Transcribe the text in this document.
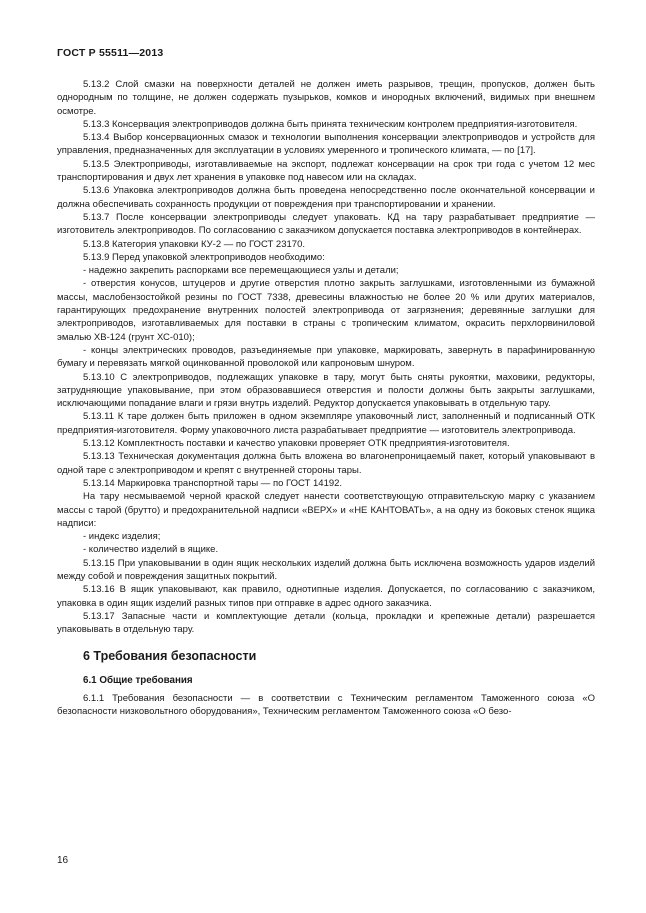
ГОСТ Р 55511—2013

5.13.2 Слой смазки на поверхности деталей не должен иметь разрывов, трещин, пропусков, должен быть однородным по толщине, не должен содержать пузырьков, комков и инородных включений, видимых при внешнем осмотре.

5.13.3 Консервация электроприводов должна быть принята техническим контролем предприятия-изготовителя.

5.13.4 Выбор консервационных смазок и технологии выполнения консервации электроприводов и устройств для управления, предназначенных для эксплуатации в условиях умеренного и тропического климата, — по [17].

5.13.5 Электроприводы, изготавливаемые на экспорт, подлежат консервации на срок три года с учетом 12 мес транспортирования и двух лет хранения в упаковке под навесом или на складах.

5.13.6 Упаковка электроприводов должна быть проведена непосредственно после окончательной консервации и должна обеспечивать сохранность продукции от повреждения при транспортировании и хранении.

5.13.7 После консервации электроприводы следует упаковать. КД на тару разрабатывает предприятие — изготовитель электроприводов. По согласованию с заказчиком допускается поставка электроприводов в контейнерах.

5.13.8 Категория упаковки КУ-2 — по ГОСТ 23170.

5.13.9 Перед упаковкой электроприводов необходимо:

- надежно закрепить распорками все перемещающиеся узлы и детали;

- отверстия конусов, штуцеров и другие отверстия плотно закрыть заглушками, изготовленными из бумажной массы, маслобензостойкой резины по ГОСТ 7338, древесины влажностью не более 20 % или других материалов, гарантирующих предохранение внутренних полостей электропривода от загрязнения; деревянные заглушки для электроприводов, изготавливаемых для поставки в страны с тропическим климатом, окрасить перхлорвиниловой эмалью ХВ-124 (грунт ХС-010);

- концы электрических проводов, разъединяемые при упаковке, маркировать, завернуть в парафинированную бумагу и перевязать мягкой оцинкованной проволокой или капроновым шнуром.

5.13.10 С электроприводов, подлежащих упаковке в тару, могут быть сняты рукоятки, маховики, редукторы, затрудняющие упаковывание, при этом образовавшиеся отверстия и полости должны быть закрыты заглушками, исключающими попадание влаги и грязи внутрь изделий. Редуктор допускается упаковывать в отдельную тару.

5.13.11 К таре должен быть приложен в одном экземпляре упаковочный лист, заполненный и подписанный ОТК предприятия-изготовителя. Форму упаковочного листа разрабатывает предприятие — изготовитель электропривода.

5.13.12 Комплектность поставки и качество упаковки проверяет ОТК предприятия-изготовителя.

5.13.13 Техническая документация должна быть вложена во влагонепроницаемый пакет, который упаковывают в одной таре с электроприводом и крепят с внутренней стороны тары.

5.13.14 Маркировка транспортной тары — по ГОСТ 14192.

На тару несмываемой черной краской следует нанести соответствующую отправительскую марку с указанием массы с тарой (брутто) и предохранительной надписи «ВЕРХ» и «НЕ КАНТОВАТЬ», а на одну из боковых стенок ящика надписи:

- индекс изделия;

- количество изделий в ящике.

5.13.15 При упаковывании в один ящик нескольких изделий должна быть исключена возможность ударов изделий между собой и повреждения защитных покрытий.

5.13.16 В ящик упаковывают, как правило, однотипные изделия. Допускается, по согласованию с заказчиком, упаковка в один ящик изделий разных типов при отправке в адрес одного заказчика.

5.13.17 Запасные части и комплектующие детали (кольца, прокладки и крепежные детали) разрешается упаковывать в отдельную тару.

6 Требования безопасности

6.1 Общие требования

6.1.1 Требования безопасности — в соответствии с Техническим регламентом Таможенного союза «О безопасности низковольтного оборудования», Техническим регламентом Таможенного союза «О безо-

16
